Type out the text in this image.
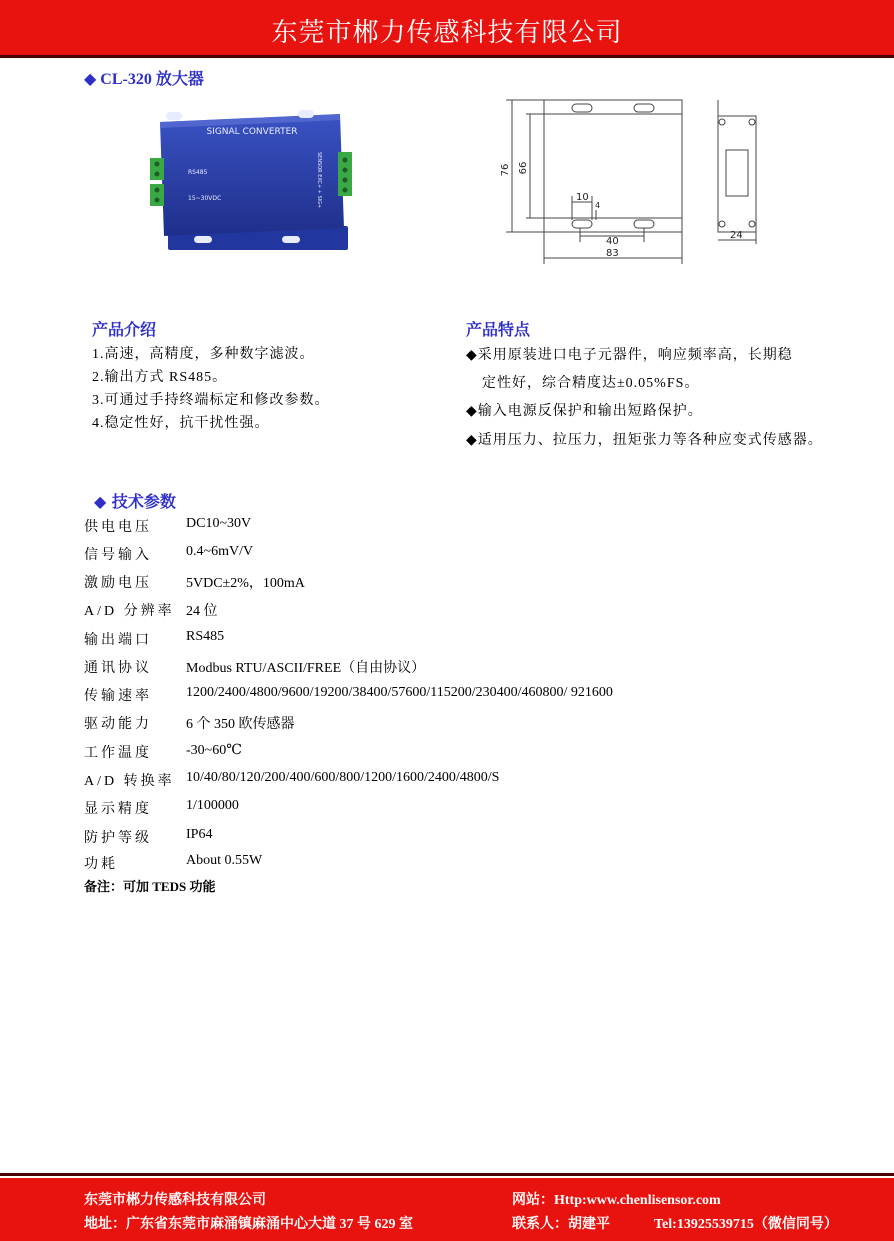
东莞市郴力传感科技有限公司
◆ CL-320 放大器
SIGNAL CONVERTER
RS485
15~30VDC	SENSOR EXC+ + SIG+	76 66
10
4
40
83
24
产品介绍
1.高速，高精度，多种数字滤波。
2.输出方式 RS485。
3.可通过手持终端标定和修改参数。
4.稳定性好，抗干扰性强。
产品特点
◆采用原装进口电子元器件，响应频率高，长期稳
定性好，综合精度达±0.05%FS。
◆输入电源反保护和输出短路保护。
◆适用压力、拉压力，扭矩张力等各种应变式传感器。
◆ 技术参数
供电电压 DC10~30V
信号输入 0.4~6mV/V
激励电压 5VDC±2%，100mA
A/D 分辨率 24 位
输出端口 RS485
通讯协议 Modbus RTU/ASCII/FREE（自由协议）
传输速率 1200/2400/4800/9600/19200/38400/57600/115200/230400/460800/ 921600
驱动能力 6 个 350 欧传感器
工作温度 -30~60℃
A/D 转换率 10/40/80/120/200/400/600/800/1200/1600/2400/4800/S
显示精度 1/100000
防护等级 IP64
功耗	About 0.55W
备注：可加 TEDS 功能
东莞市郴力传感科技有限公司	网站：Http:www.chenlisensor.com
地址：广东省东莞市麻涌镇麻涌中心大道 37 号 629 室	联系人：胡建平	Tel:13925539715（微信同号）
